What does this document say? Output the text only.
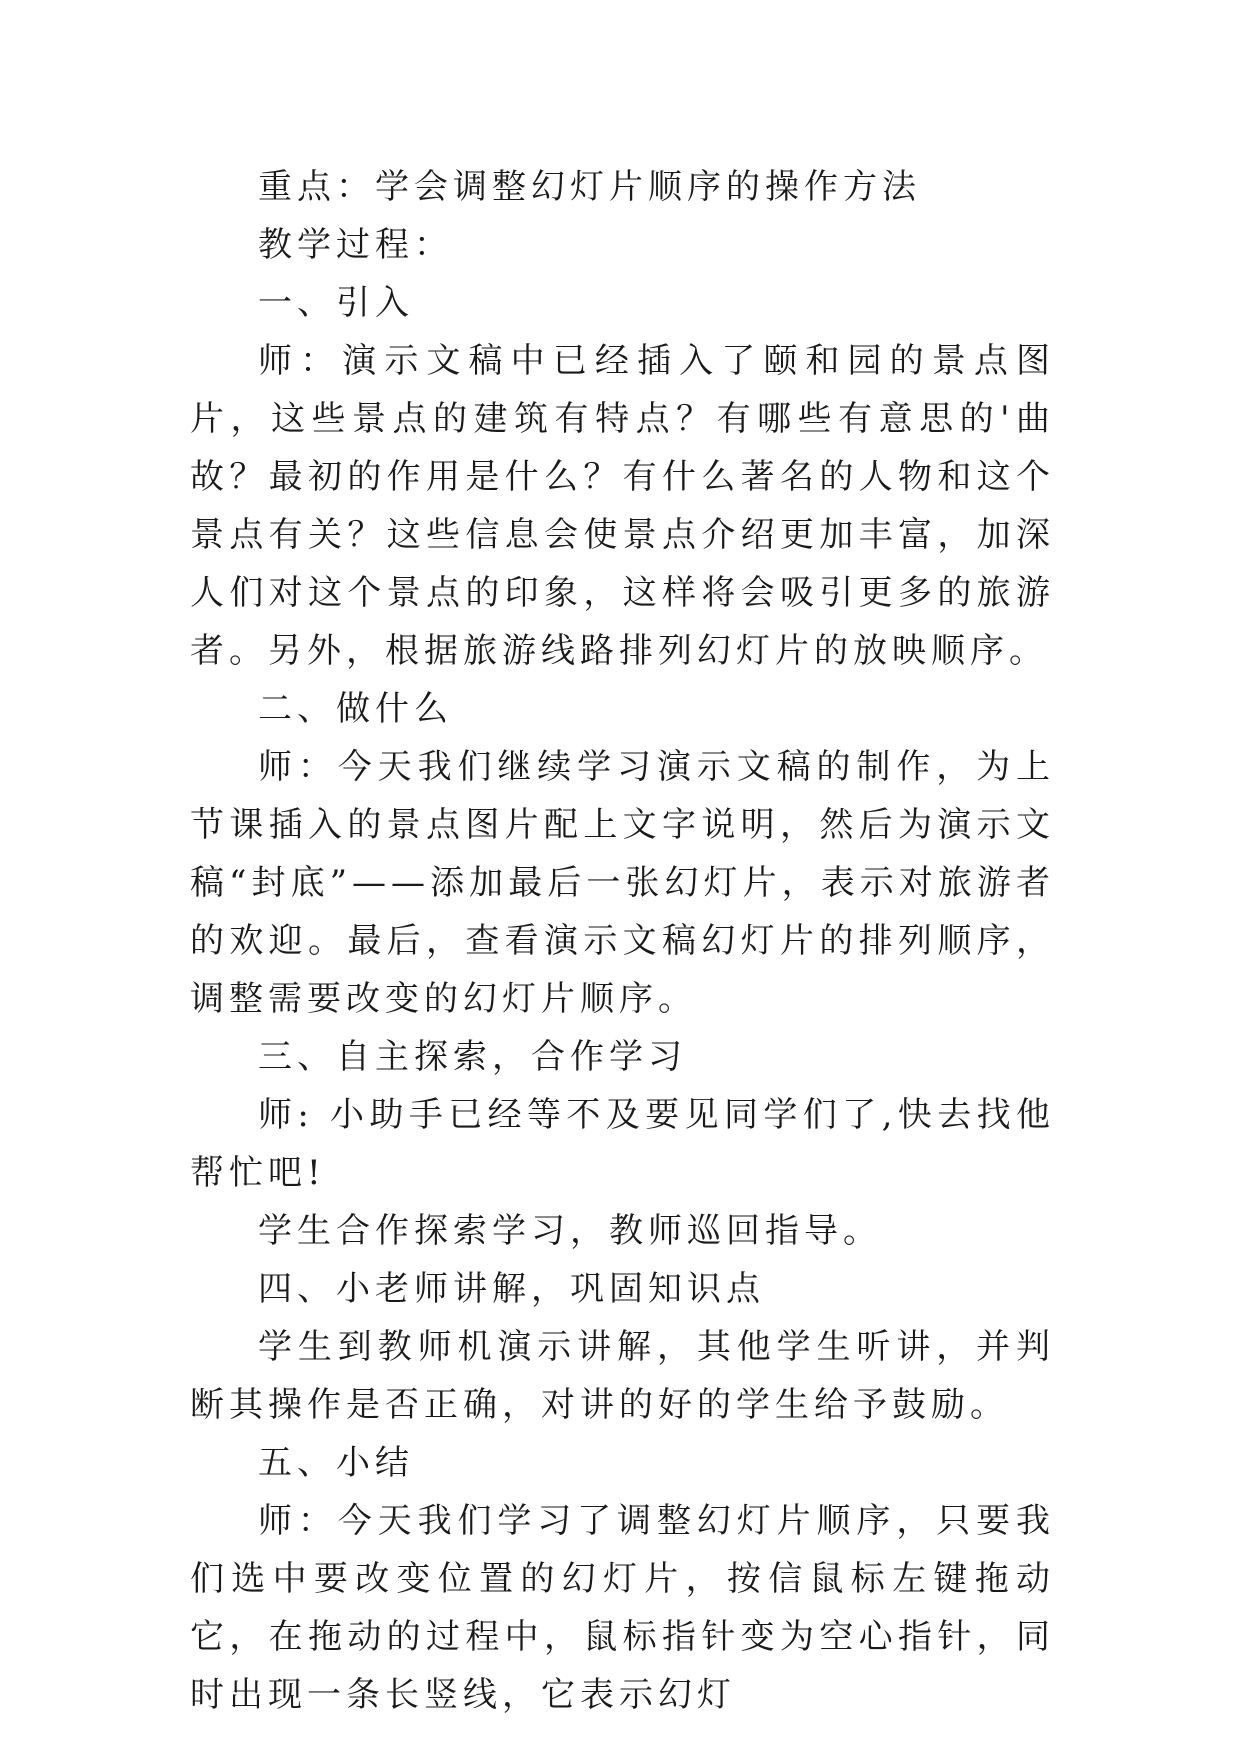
重点：学会调整幻灯片顺序的操作方法

教学过程：

一、引入

师：演示文稿中已经插入了颐和园的景点图片，这些景点的建筑有特点？有哪些有意思的'曲故？最初的作用是什么？有什么著名的人物和这个景点有关？这些信息会使景点介绍更加丰富，加深人们对这个景点的印象，这样将会吸引更多的旅游者。另外，根据旅游线路排列幻灯片的放映顺序。

二、做什么

师：今天我们继续学习演示文稿的制作，为上节课插入的景点图片配上文字说明，然后为演示文稿“封底”——添加最后一张幻灯片，表示对旅游者的欢迎。最后，查看演示文稿幻灯片的排列顺序，调整需要改变的幻灯片顺序。

三、自主探索，合作学习

师: 小助手已经等不及要见同学们了,快去找他帮忙吧!

学生合作探索学习，教师巡回指导。

四、小老师讲解，巩固知识点

学生到教师机演示讲解，其他学生听讲，并判断其操作是否正确，对讲的好的学生给予鼓励。

五、小结

师：今天我们学习了调整幻灯片顺序，只要我们选中要改变位置的幻灯片，按信鼠标左键拖动它，在拖动的过程中，鼠标指针变为空心指针，同时出现一条长竖线，它表示幻灯
